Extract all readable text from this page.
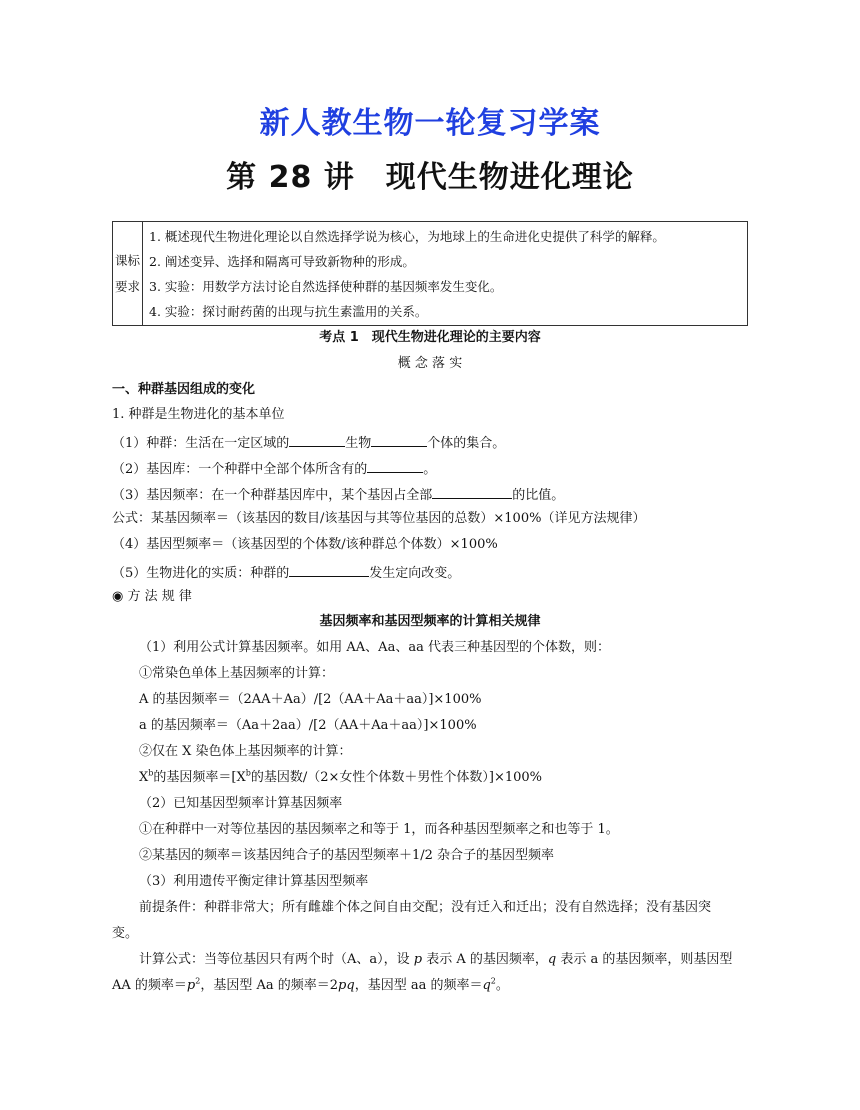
新人教生物一轮复习学案
第 28 讲　现代生物进化理论
课标
要求
1. 概述现代生物进化理论以自然选择学说为核心，为地球上的生命进化史提供了科学的解释。
2. 阐述变异、选择和隔离可导致新物种的形成。
3. 实验：用数学方法讨论自然选择使种群的基因频率发生变化。
4. 实验：探讨耐药菌的出现与抗生素滥用的关系。
考点 1　现代生物进化理论的主要内容
概 念 落 实
一、种群基因组成的变化
1. 种群是生物进化的基本单位
（1）种群：生活在一定区域的	生物	个体的集合。
（2）基因库：一个种群中全部个体所含有的	。
（3）基因频率：在一个种群基因库中，某个基因占全部	的比值。
公式：某基因频率＝（该基因的数目/该基因与其等位基因的总数）×100%（详见方法规律）
（4）基因型频率＝（该基因型的个体数/该种群总个体数）×100%
（5）生物进化的实质：种群的	发生定向改变。
◉ 方 法 规 律
基因频率和基因型频率的计算相关规律
（1）利用公式计算基因频率。如用 AA、Aa、aa 代表三种基因型的个体数，则：
①常染色单体上基因频率的计算：
A 的基因频率＝（2AA＋Aa）/[2（AA＋Aa＋aa）]×100%
a 的基因频率＝（Aa＋2aa）/[2（AA＋Aa＋aa）]×100%
②仅在 X 染色体上基因频率的计算：
$X^b$的基因频率$=[X^b$的基因数/（2×女性个体数＋男性个体数）]×100%
（2）已知基因型频率计算基因频率
①在种群中一对等位基因的基因频率之和等于 1，而各种基因型频率之和也等于 1。
②某基因的频率＝该基因纯合子的基因型频率＋1/2 杂合子的基因型频率
（3）利用遗传平衡定律计算基因型频率
前提条件：种群非常大；所有雌雄个体之间自由交配；没有迁入和迁出；没有自然选择；没有基因突
变。
计算公式：当等位基因只有两个时（A、a），设 p 表示 A 的基因频率，q 表示 a 的基因频率，则基因型
AA 的频率$=p^2$，基因型 Aa 的频率＝2pq，基因型 aa 的频率$=q^2$。
